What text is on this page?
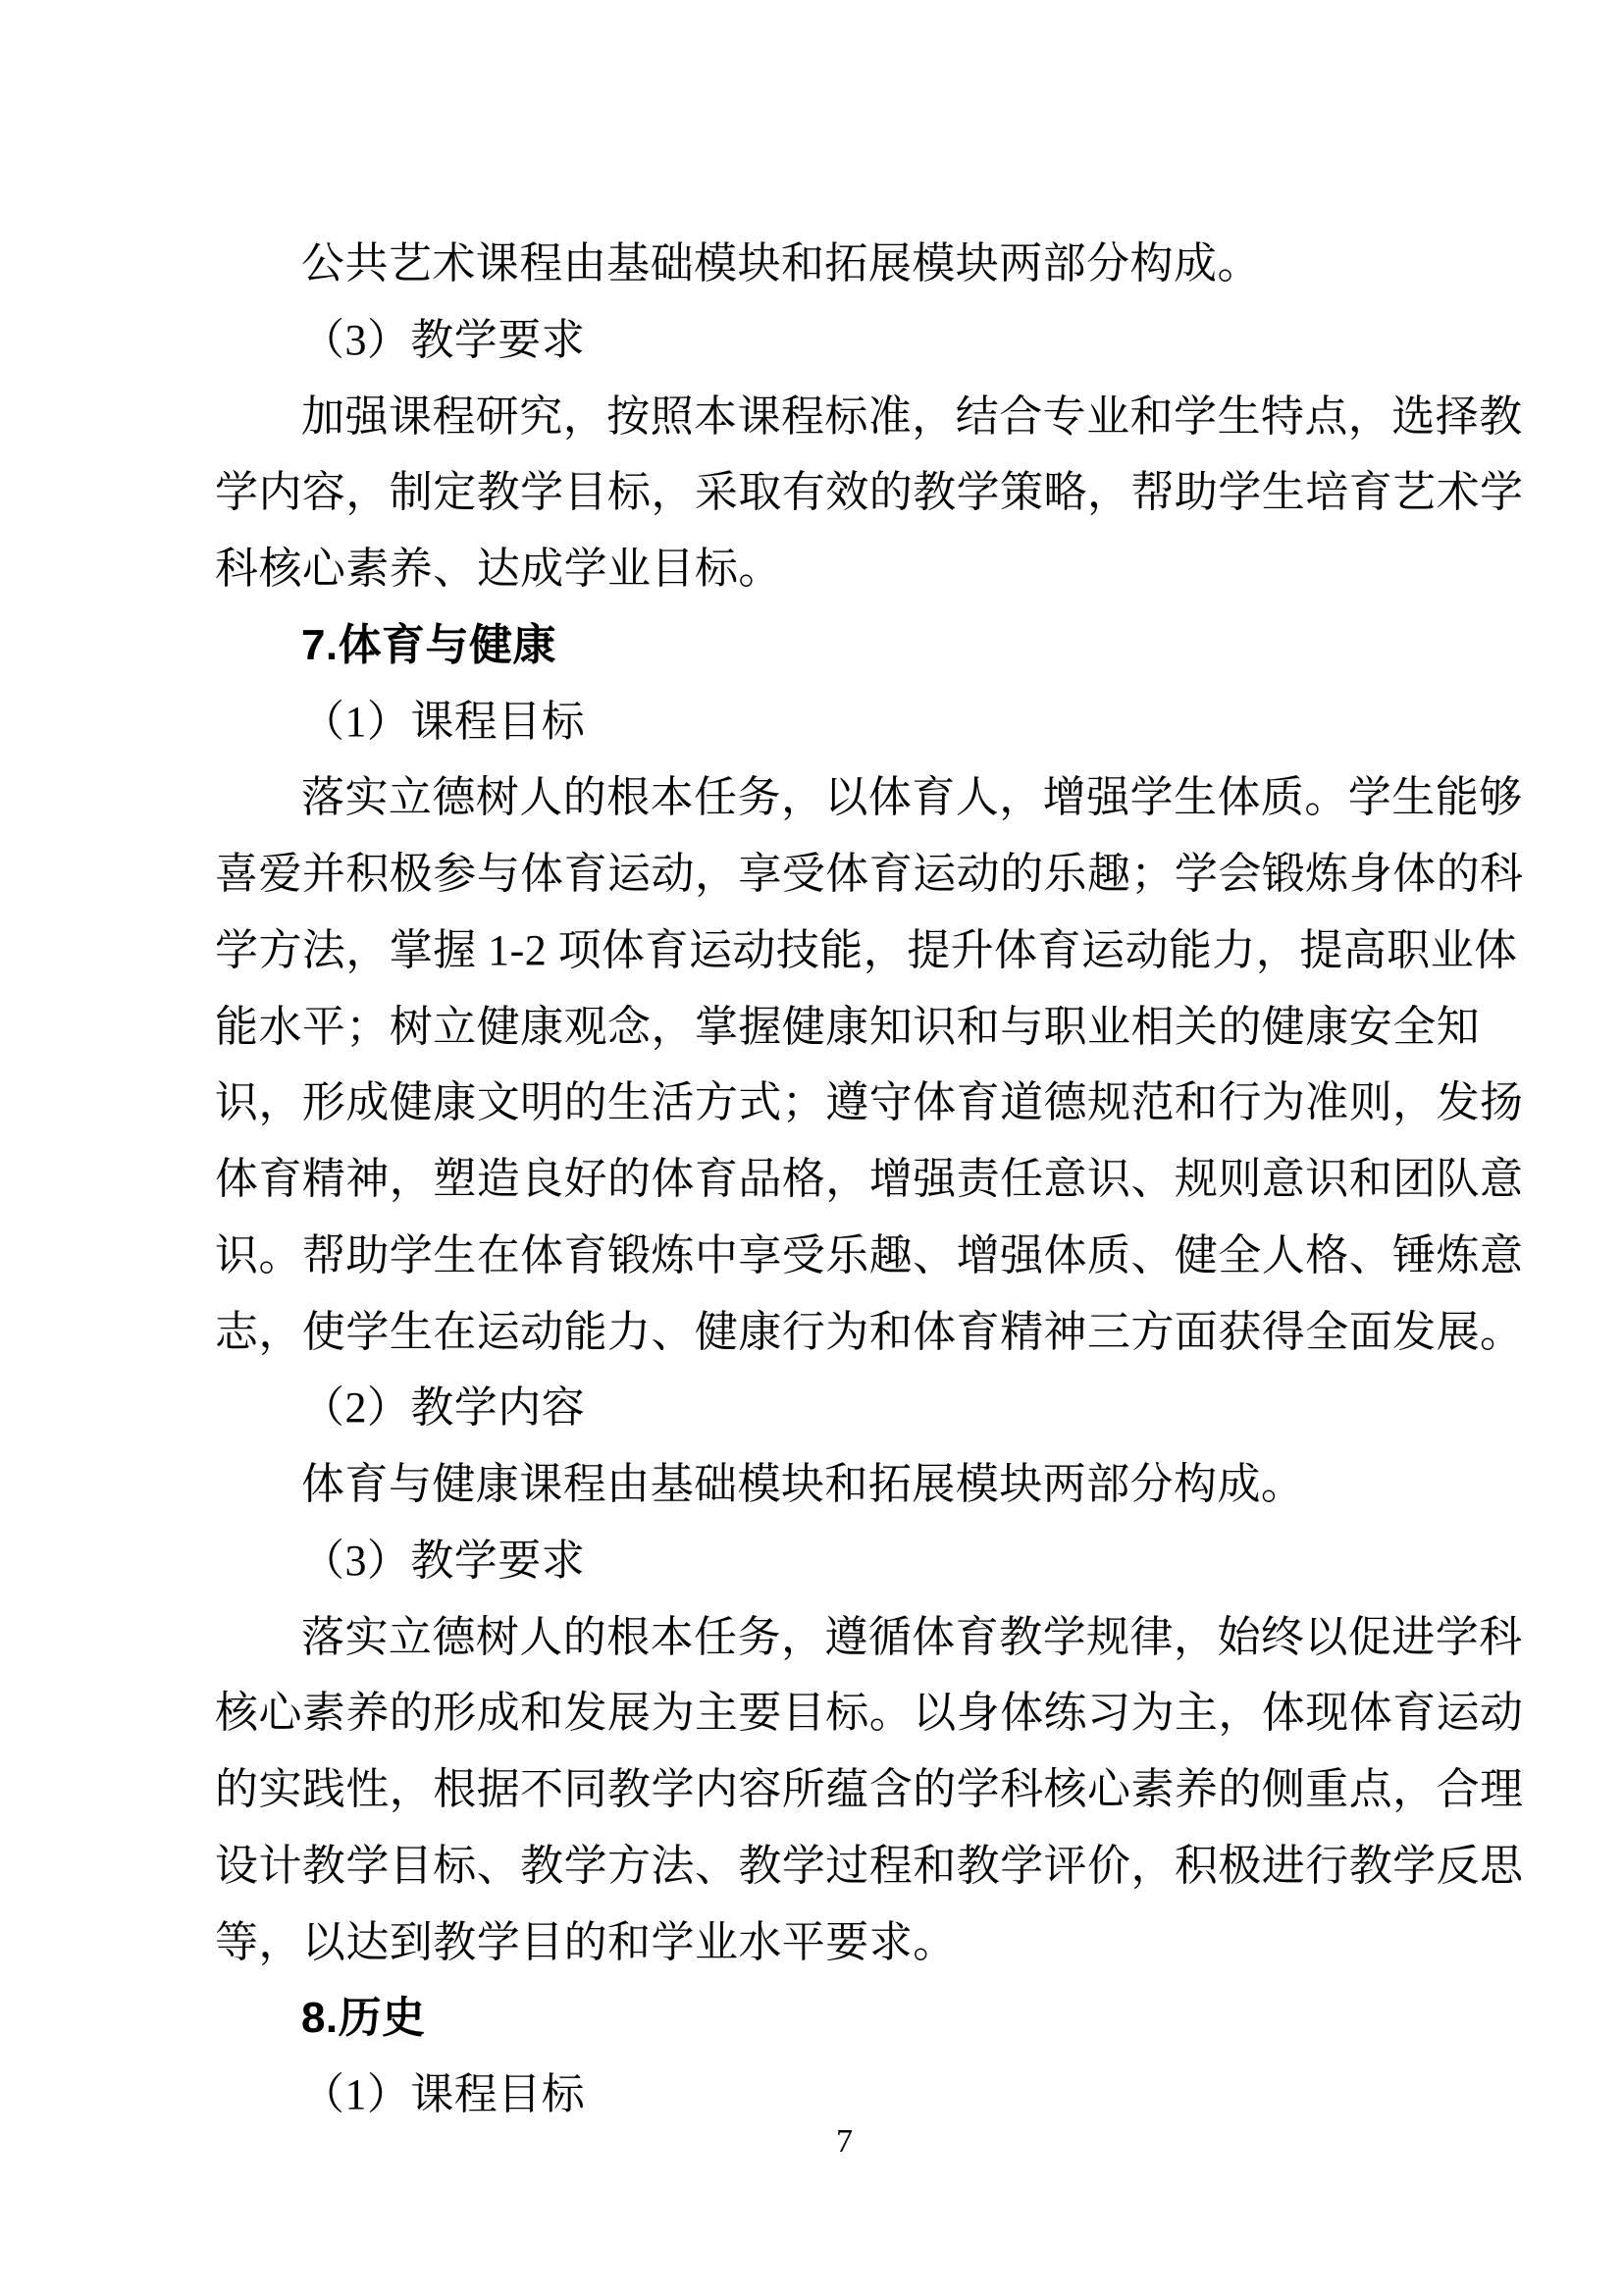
公共艺术课程由基础模块和拓展模块两部分构成。
（3）教学要求
加强课程研究，按照本课程标准，结合专业和学生特点，选择教
学内容，制定教学目标，采取有效的教学策略，帮助学生培育艺术学
科核心素养、达成学业目标。
7.体育与健康
（1）课程目标
落实立德树人的根本任务，以体育人，增强学生体质。学生能够
喜爱并积极参与体育运动，享受体育运动的乐趣；学会锻炼身体的科
学方法，掌握 1-2 项体育运动技能，提升体育运动能力，提高职业体
能水平；树立健康观念，掌握健康知识和与职业相关的健康安全知
识，形成健康文明的生活方式；遵守体育道德规范和行为准则，发扬
体育精神，塑造良好的体育品格，增强责任意识、规则意识和团队意
识。帮助学生在体育锻炼中享受乐趣、增强体质、健全人格、锤炼意
志，使学生在运动能力、健康行为和体育精神三方面获得全面发展。
（2）教学内容
体育与健康课程由基础模块和拓展模块两部分构成。
（3）教学要求
落实立德树人的根本任务，遵循体育教学规律，始终以促进学科
核心素养的形成和发展为主要目标。以身体练习为主，体现体育运动
的实践性，根据不同教学内容所蕴含的学科核心素养的侧重点，合理
设计教学目标、教学方法、教学过程和教学评价，积极进行教学反思
等，以达到教学目的和学业水平要求。
8.历史
（1）课程目标
7
